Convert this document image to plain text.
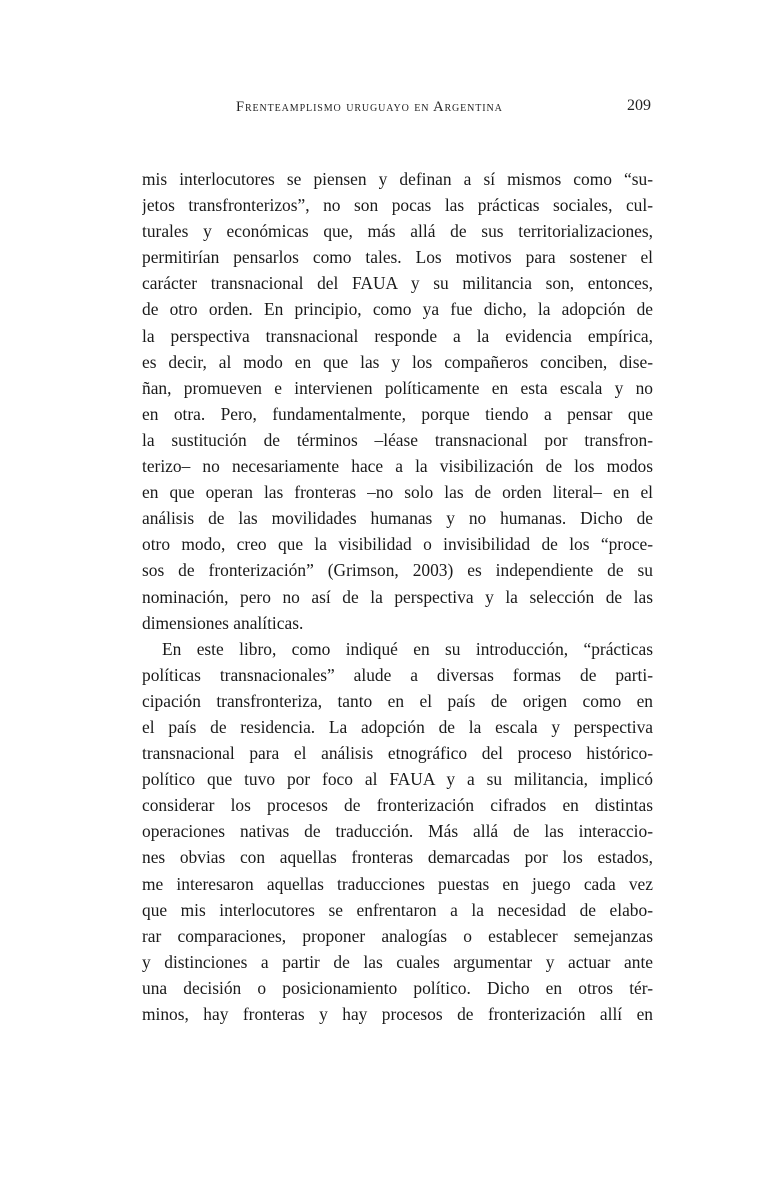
Frenteamplismo uruguayo en Argentina	209
mis interlocutores se piensen y definan a sí mismos como “su-
jetos transfronterizos”, no son pocas las prácticas sociales, cul-
turales y económicas que, más allá de sus territorializaciones,
permitirían pensarlos como tales. Los motivos para sostener el
carácter transnacional del FAUA y su militancia son, entonces,
de otro orden. En principio, como ya fue dicho, la adopción de
la perspectiva transnacional responde a la evidencia empírica,
es decir, al modo en que las y los compañeros conciben, dise-
ñan, promueven e intervienen políticamente en esta escala y no
en otra. Pero, fundamentalmente, porque tiendo a pensar que
la sustitución de términos –léase transnacional por transfron-
terizo– no necesariamente hace a la visibilización de los modos
en que operan las fronteras –no solo las de orden literal– en el
análisis de las movilidades humanas y no humanas. Dicho de
otro modo, creo que la visibilidad o invisibilidad de los “proce-
sos de fronterización” (Grimson, 2003) es independiente de su
nominación, pero no así de la perspectiva y la selección de las
dimensiones analíticas.
En este libro, como indiqué en su introducción, “prácticas
políticas transnacionales” alude a diversas formas de parti-
cipación transfronteriza, tanto en el país de origen como en
el país de residencia. La adopción de la escala y perspectiva
transnacional para el análisis etnográfico del proceso histórico-
político que tuvo por foco al FAUA y a su militancia, implicó
considerar los procesos de fronterización cifrados en distintas
operaciones nativas de traducción. Más allá de las interaccio-
nes obvias con aquellas fronteras demarcadas por los estados,
me interesaron aquellas traducciones puestas en juego cada vez
que mis interlocutores se enfrentaron a la necesidad de elabo-
rar comparaciones, proponer analogías o establecer semejanzas
y distinciones a partir de las cuales argumentar y actuar ante
una decisión o posicionamiento político. Dicho en otros tér-
minos, hay fronteras y hay procesos de fronterización allí en
